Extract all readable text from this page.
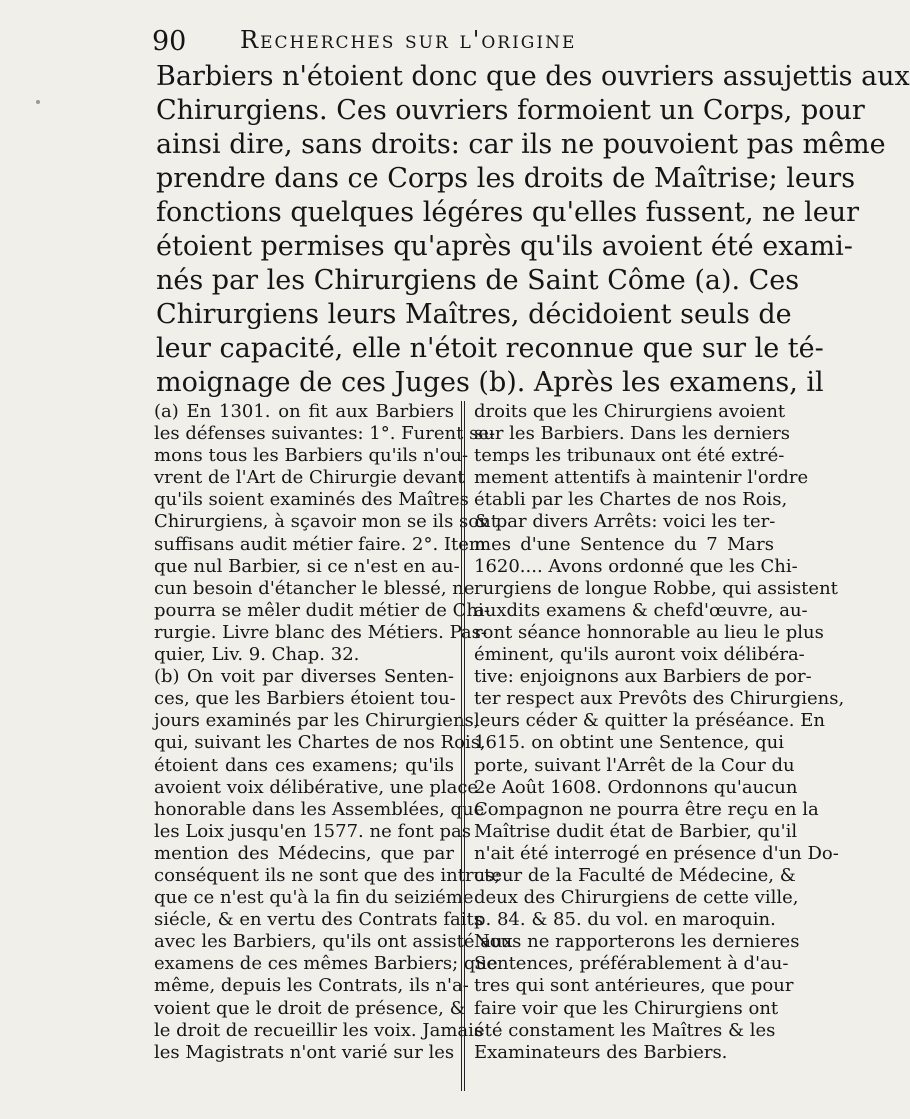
90 Recherches sur l'origine
Barbiers n'étoient donc que des ouvriers assujettis aux
Chirurgiens. Ces ouvriers formoient un Corps, pour
ainsi dire, sans droits: car ils ne pouvoient pas même
prendre dans ce Corps les droits de Maîtrise; leurs
fonctions quelques légéres qu'elles fussent, ne leur
étoient permises qu'après qu'ils avoient été exami-
nés par les Chirurgiens de Saint Côme (a). Ces
Chirurgiens leurs Maîtres, décidoient seuls de
leur capacité, elle n'étoit reconnue que sur le té-
moignage de ces Juges (b). Après les examens, il
(a) En 1301. on fit aux Barbiers
les défenses suivantes: 1°. Furent se-
mons tous les Barbiers qu'ils n'ou-
vrent de l'Art de Chirurgie devant
qu'ils soient examinés des Maîtres
Chirurgiens, à sçavoir mon se ils sont
suffisans audit métier faire. 2°. Item
que nul Barbier, si ce n'est en au-
cun besoin d'étancher le blessé, ne
pourra se mêler dudit métier de Chi-
rurgie. Livre blanc des Métiers. Pas-
quier, Liv. 9. Chap. 32.
(b) On voit par diverses Senten-
ces, que les Barbiers étoient tou-
jours examinés par les Chirurgiens,
qui, suivant les Chartes de nos Rois,
étoient dans ces examens; qu'ils
avoient voix délibérative, une place
honorable dans les Assemblées, que
les Loix jusqu'en 1577. ne font pas
mention des Médecins, que par
conséquent ils ne sont que des intrus;
que ce n'est qu'à la fin du seiziéme
siécle, & en vertu des Contrats faits
avec les Barbiers, qu'ils ont assisté aux
examens de ces mêmes Barbiers; que
même, depuis les Contrats, ils n'a-
voient que le droit de présence, &
le droit de recueillir les voix. Jamais
les Magistrats n'ont varié sur les
droits que les Chirurgiens avoient
sur les Barbiers. Dans les derniers
temps les tribunaux ont été extré-
mement attentifs à maintenir l'ordre
établi par les Chartes de nos Rois,
& par divers Arrêts: voici les ter-
mes d'une Sentence du 7 Mars
1620.... Avons ordonné que les Chi-
rurgiens de longue Robbe, qui assistent
auxdits examens & chefd'œuvre, au-
ront séance honnorable au lieu le plus
éminent, qu'ils auront voix délibéra-
tive: enjoignons aux Barbiers de por-
ter respect aux Prevôts des Chirurgiens,
leurs céder & quitter la préséance. En
1615. on obtint une Sentence, qui
porte, suivant l'Arrêt de la Cour du
2e Août 1608. Ordonnons qu'aucun
Compagnon ne pourra être reçu en la
Maîtrise dudit état de Barbier, qu'il
n'ait été interrogé en présence d'un Do-
cteur de la Faculté de Médecine, &
deux des Chirurgiens de cette ville,
p. 84. & 85. du vol. en maroquin.
Nous ne rapporterons les dernieres
Sentences, préférablement à d'au-
tres qui sont antérieures, que pour
faire voir que les Chirurgiens ont
été constament les Maîtres & les
Examinateurs des Barbiers.
